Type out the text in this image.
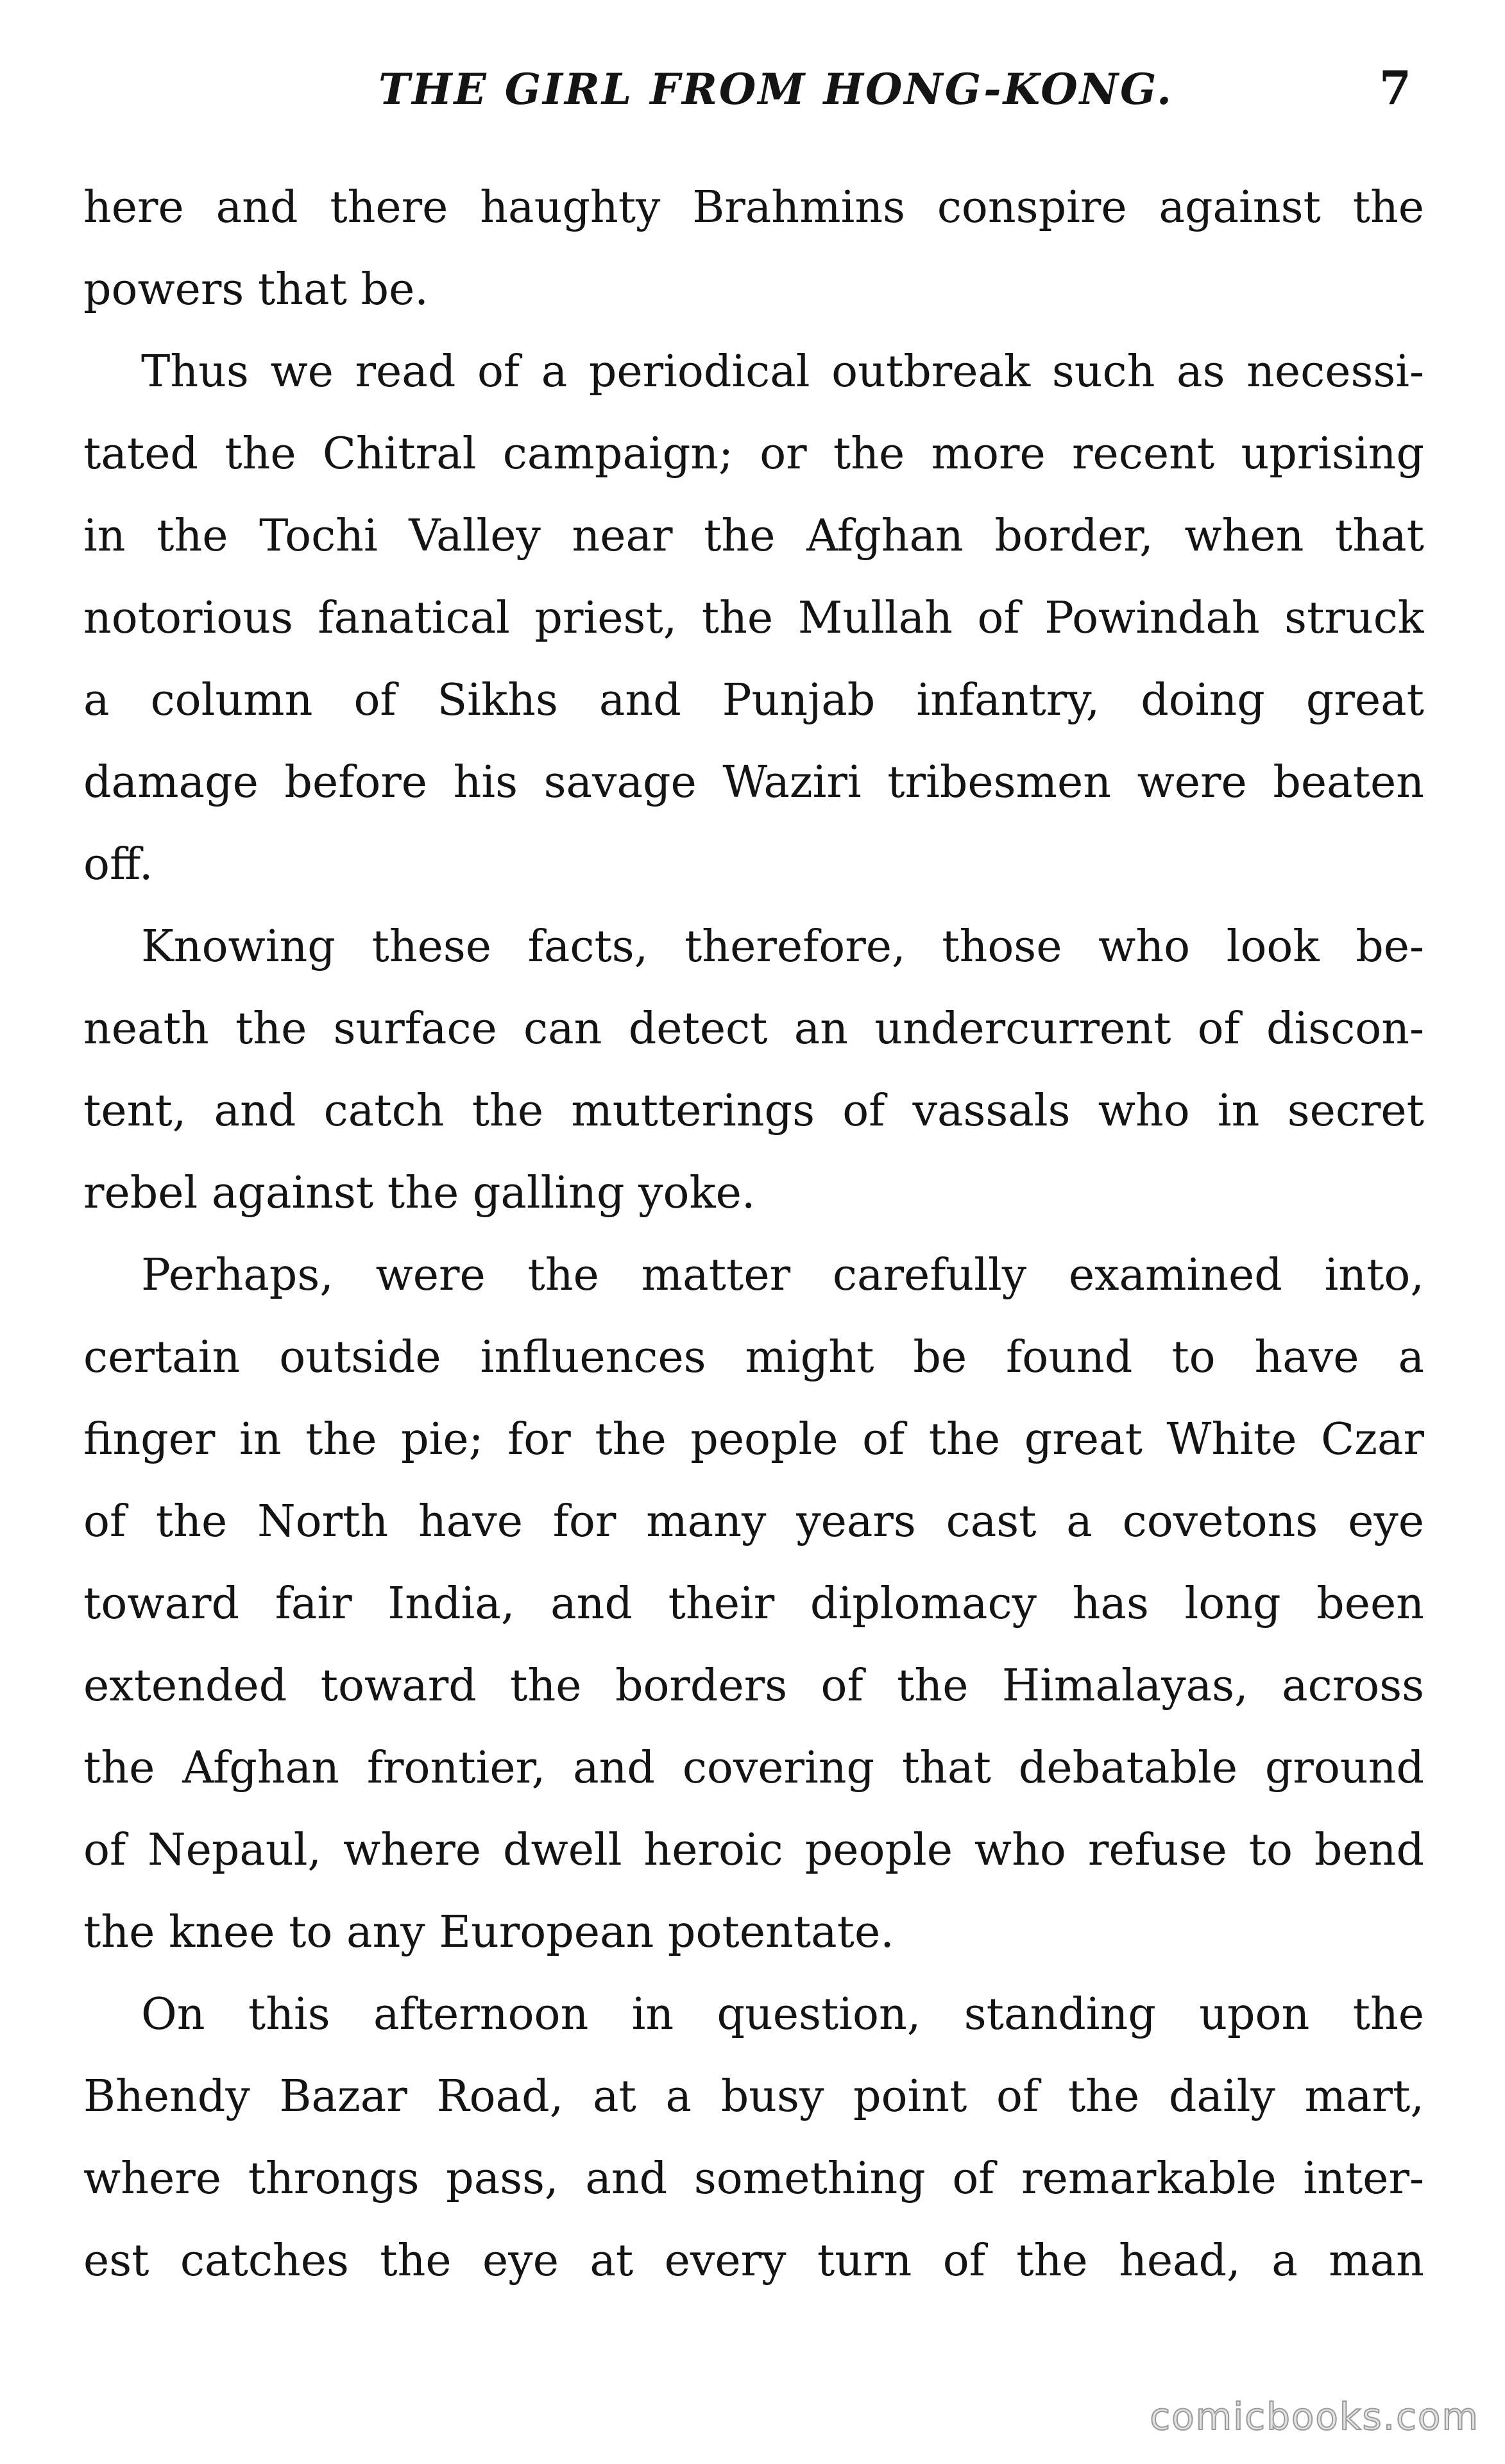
THE GIRL FROM HONG-KONG.	7
here and there haughty Brahmins conspire against the
powers that be.
Thus we read of a periodical outbreak such as necessi-
tated the Chitral campaign; or the more recent uprising
in the Tochi Valley near the Afghan border, when that
notorious fanatical priest, the Mullah of Powindah struck
a column of Sikhs and Punjab infantry, doing great
damage before his savage Waziri tribesmen were beaten
off.
Knowing these facts, therefore, those who look be-
neath the surface can detect an undercurrent of discon-
tent, and catch the mutterings of vassals who in secret
rebel against the galling yoke.
Perhaps, were the matter carefully examined into,
certain outside influences might be found to have a
finger in the pie; for the people of the great White Czar
of the North have for many years cast a covetons eye
toward fair India, and their diplomacy has long been
extended toward the borders of the Himalayas, across
the Afghan frontier, and covering that debatable ground
of Nepaul, where dwell heroic people who refuse to bend
the knee to any European potentate.
On this afternoon in question, standing upon the
Bhendy Bazar Road, at a busy point of the daily mart,
where throngs pass, and something of remarkable inter-
est catches the eye at every turn of the head, a man
comicbooks.com
